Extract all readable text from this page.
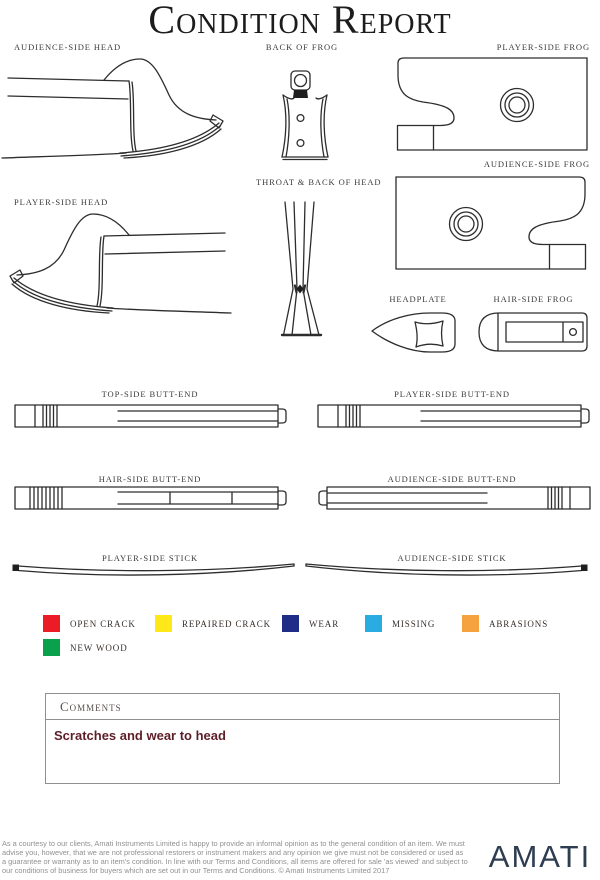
Condition Report
AUDIENCE-SIDE HEAD	BACK OF FROG	PLAYER-SIDE FROG
AUDIENCE-SIDE FROG
PLAYER-SIDE HEAD
THROAT & BACK OF HEAD
HEADPLATE	HAIR-SIDE FROG
TOP-SIDE BUTT-END	PLAYER-SIDE BUTT-END
HAIR-SIDE BUTT-END	AUDIENCE-SIDE BUTT-END
PLAYER-SIDE STICK	AUDIENCE-SIDE STICK
OPEN CRACK	REPAIRED CRACK	WEAR	MISSING	ABRASIONS
NEW WOOD
Comments
Scratches and wear to head
As a courtesy to our clients, Amati Instruments Limited is happy to provide an informal opinion as to the general condition of an item. We must
advise you, however, that we are not professional restorers or instrument makers and any opinion we give must not be considered or used as
a guarantee or warranty as to an item's condition. In line with our Terms and Conditions, all items are offered for sale 'as viewed' and subject to
our conditions of business for buyers which are set out in our Terms and Conditions. © Amati Instruments Limited 2017	AMATI
